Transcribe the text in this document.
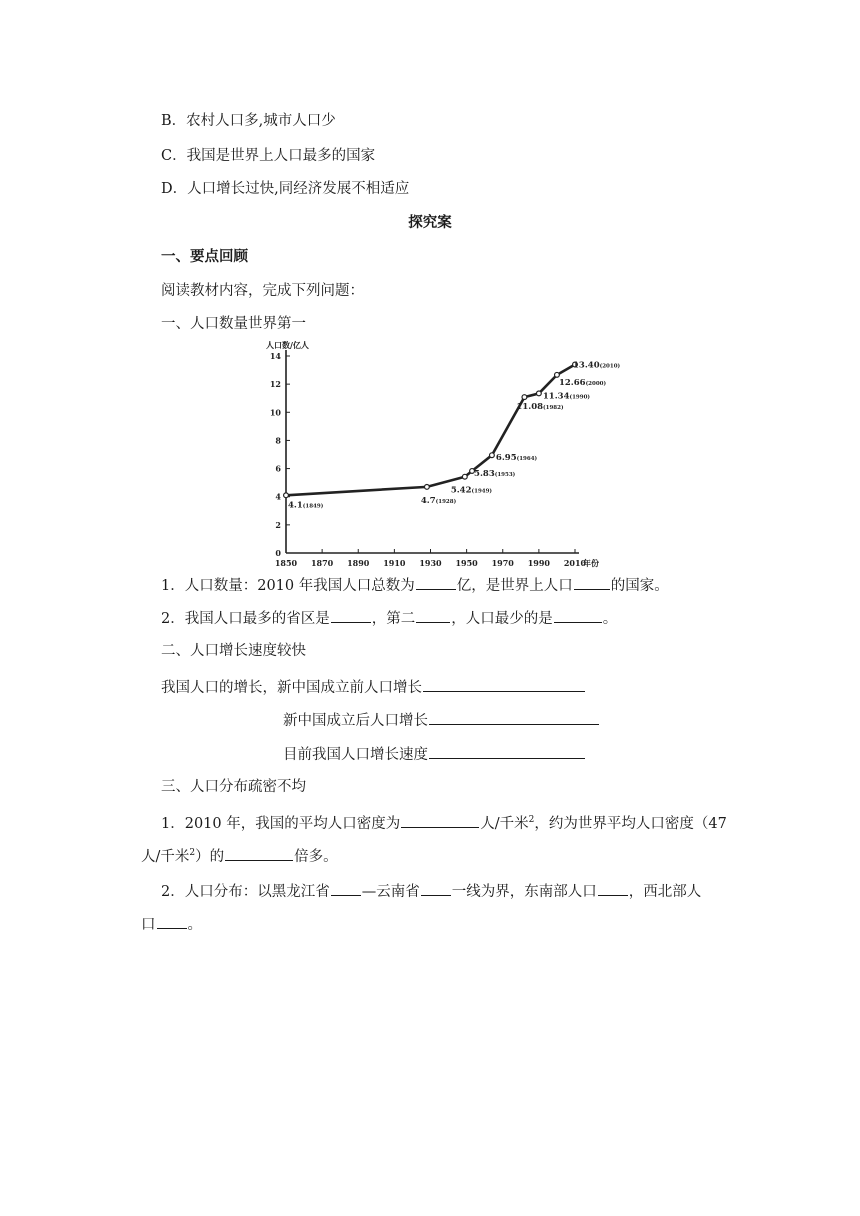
B．农村人口多,城市人口少
C．我国是世界上人口最多的国家
D．人口增长过快,同经济发展不相适应
探究案
一、要点回顾
阅读教材内容，完成下列问题：
一、人口数量世界第一
人口数/亿人
年份
0
2
4
6
8
10
12
14
1850 1870 1890 1910 1930 1950 1970 1990 2010
4.1(1849)
4.7(1928)
5.42(1949)
5.83(1953)
6.95(1964)
11.08(1982)
11.34(1990)
12.66(2000)
13.40(2010)
1．人口数量：2010 年我国人口总数为	亿，是世界上人口	的国家。
2．我国人口最多的省区是	，第二 ，人口最少的是	。
二、人口增长速度较快
我国人口的增长，新中国成立前人口增长
新中国成立后人口增长
目前我国人口增长速度
三、人口分布疏密不均
1．2010 年，我国的平均人口密度为	人/千米$^2$，约为世界平均人口密度（47
人/千米$^2$）的	倍多。
2．人口分布：以黑龙江省 —云南省 一线为界，东南部人口 ，西北部人
口 。
